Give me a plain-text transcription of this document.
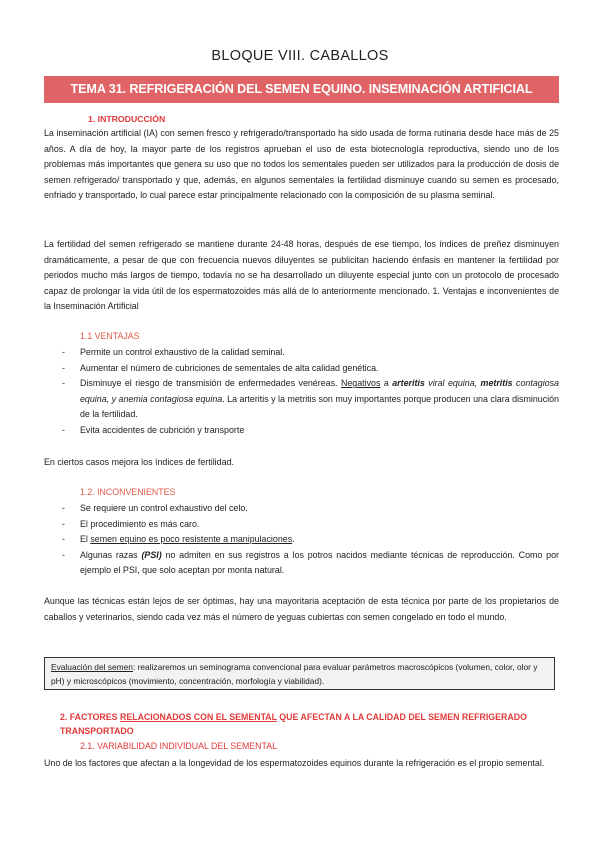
BLOQUE VIII. CABALLOS
TEMA 31. REFRIGERACIÓN DEL SEMEN EQUINO. INSEMINACIÓN ARTIFICIAL
1. INTRODUCCIÓN
La inseminación artificial (IA) con semen fresco y refrigerado/transportado ha sido usada de forma rutinaria desde hace más de 25 años. A día de hoy, la mayor parte de los registros aprueban el uso de esta biotecnología reproductiva, siendo uno de los problemas más importantes que genera su uso que no todos los sementales pueden ser utilizados para la producción de dosis de semen refrigerado/ transportado y que, además, en algunos sementales la fertilidad disminuye cuando su semen es procesado, enfriado y transportado, lo cual parece estar principalmente relacionado con la composición de su plasma seminal.
La fertilidad del semen refrigerado se mantiene durante 24-48 horas, después de ese tiempo, los índices de preñez disminuyen dramáticamente, a pesar de que con frecuencia nuevos diluyentes se publicitan haciendo énfasis en mantener la fertilidad por periodos mucho más largos de tiempo, todavía no se ha desarrollado un diluyente especial junto con un protocolo de procesado capaz de prolongar la vida útil de los espermatozoides más allá de lo anteriormente mencionado. 1. Ventajas e inconvenientes de la Inseminación Artificial
1.1 VENTAJAS
- Permite un control exhaustivo de la calidad seminal.
- Aumentar el número de cubriciones de sementales de alta calidad genética.
- Disminuye el riesgo de transmisión de enfermedades venéreas. Negativos a arteritis viral equina, metritis contagiosa equina, y anemia contagiosa equina. La arteritis y la metritis son muy importantes porque producen una clara disminución de la fertilidad.
- Evita accidentes de cubrición y transporte
En ciertos casos mejora los índices de fertilidad.
1.2. INCONVENIENTES
- Se requiere un control exhaustivo del celo.
- El procedimiento es más caro.
- El semen equino es poco resistente a manipulaciones.
- Algunas razas (PSI) no admiten en sus registros a los potros nacidos mediante técnicas de reproducción. Como por ejemplo el PSI, que solo aceptan por monta natural.
Aunque las técnicas están lejos de ser óptimas, hay una mayoritaria aceptación de esta técnica por parte de los propietarios de caballos y veterinarios, siendo cada vez más el número de yeguas cubiertas con semen congelado en todo el mundo.
Evaluación del semen: realizaremos un seminograma convencional para evaluar parámetros macroscópicos (volumen, color, olor y pH) y microscópicos (movimiento, concentración, morfología y viabilidad).
2. FACTORES RELACIONADOS CON EL SEMENTAL QUE AFECTAN A LA CALIDAD DEL SEMEN REFRIGERADO TRANSPORTADO
2.1. VARIABILIDAD INDIVIDUAL DEL SEMENTAL
Uno de los factores que afectan a la longevidad de los espermatozoides equinos durante la refrigeración es el propio semental.
